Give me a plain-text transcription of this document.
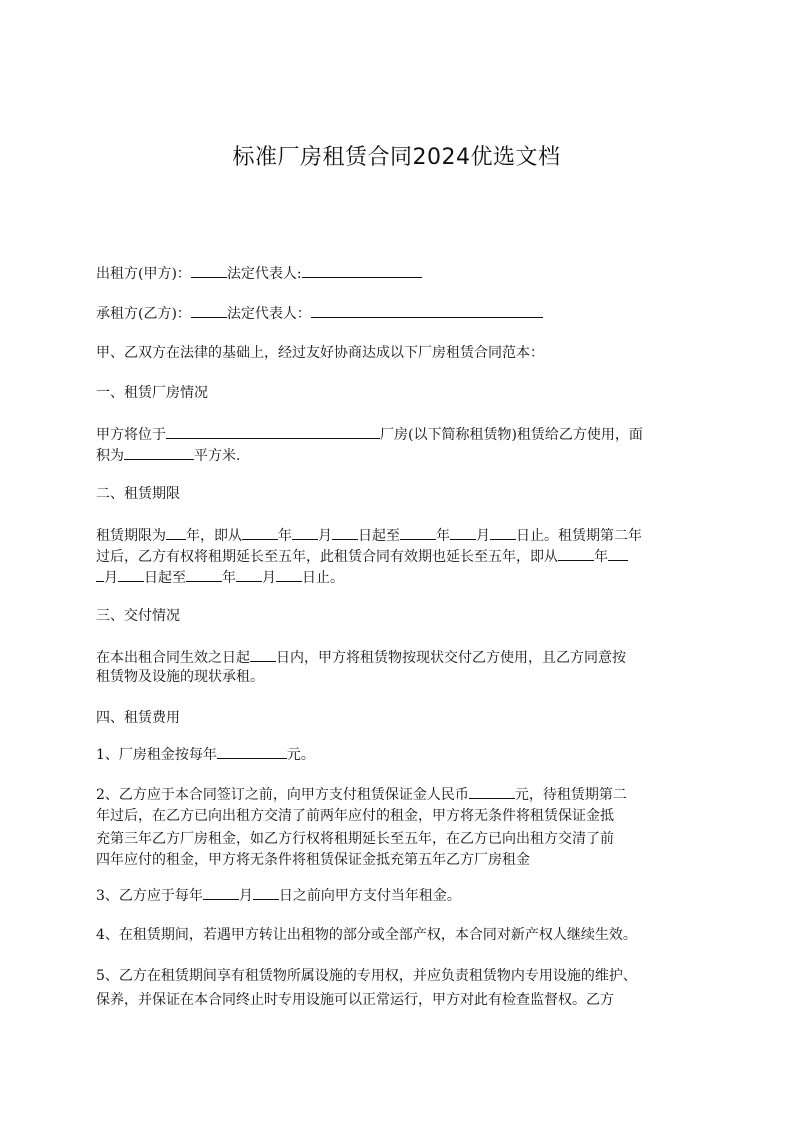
标准厂房租赁合同2024优选文档
出租方(甲方)：	法定代表人:
承租方(乙方)：	法定代表人：
甲、乙双方在法律的基础上，经过友好协商达成以下厂房租赁合同范本：
一、租赁厂房情况
甲方将位于	厂房(以下简称租赁物)租赁给乙方使用，面
积为	平方米.
二、租赁期限
租赁期限为 年，即从	年 月 日起至	年 月 日止。租赁期第二年
过后，乙方有权将租期延长至五年，此租赁合同有效期也延长至五年，即从	年
月 日起至	年 月 日止。
三、交付情况
在本出租合同生效之日起 日内，甲方将租赁物按现状交付乙方使用，且乙方同意按
租赁物及设施的现状承租。
四、租赁费用
1、厂房租金按每年	元。
2、乙方应于本合同签订之前，向甲方支付租赁保证金人民币	元，待租赁期第二
年过后，在乙方已向出租方交清了前两年应付的租金，甲方将无条件将租赁保证金抵
充第三年乙方厂房租金，如乙方行权将租期延长至五年，在乙方已向出租方交清了前
四年应付的租金，甲方将无条件将租赁保证金抵充第五年乙方厂房租金
3、乙方应于每年	月 日之前向甲方支付当年租金。
4、在租赁期间，若遇甲方转让出租物的部分或全部产权，本合同对新产权人继续生效。
5、乙方在租赁期间享有租赁物所属设施的专用权，并应负责租赁物内专用设施的维护、
保养，并保证在本合同终止时专用设施可以正常运行，甲方对此有检查监督权。乙方
